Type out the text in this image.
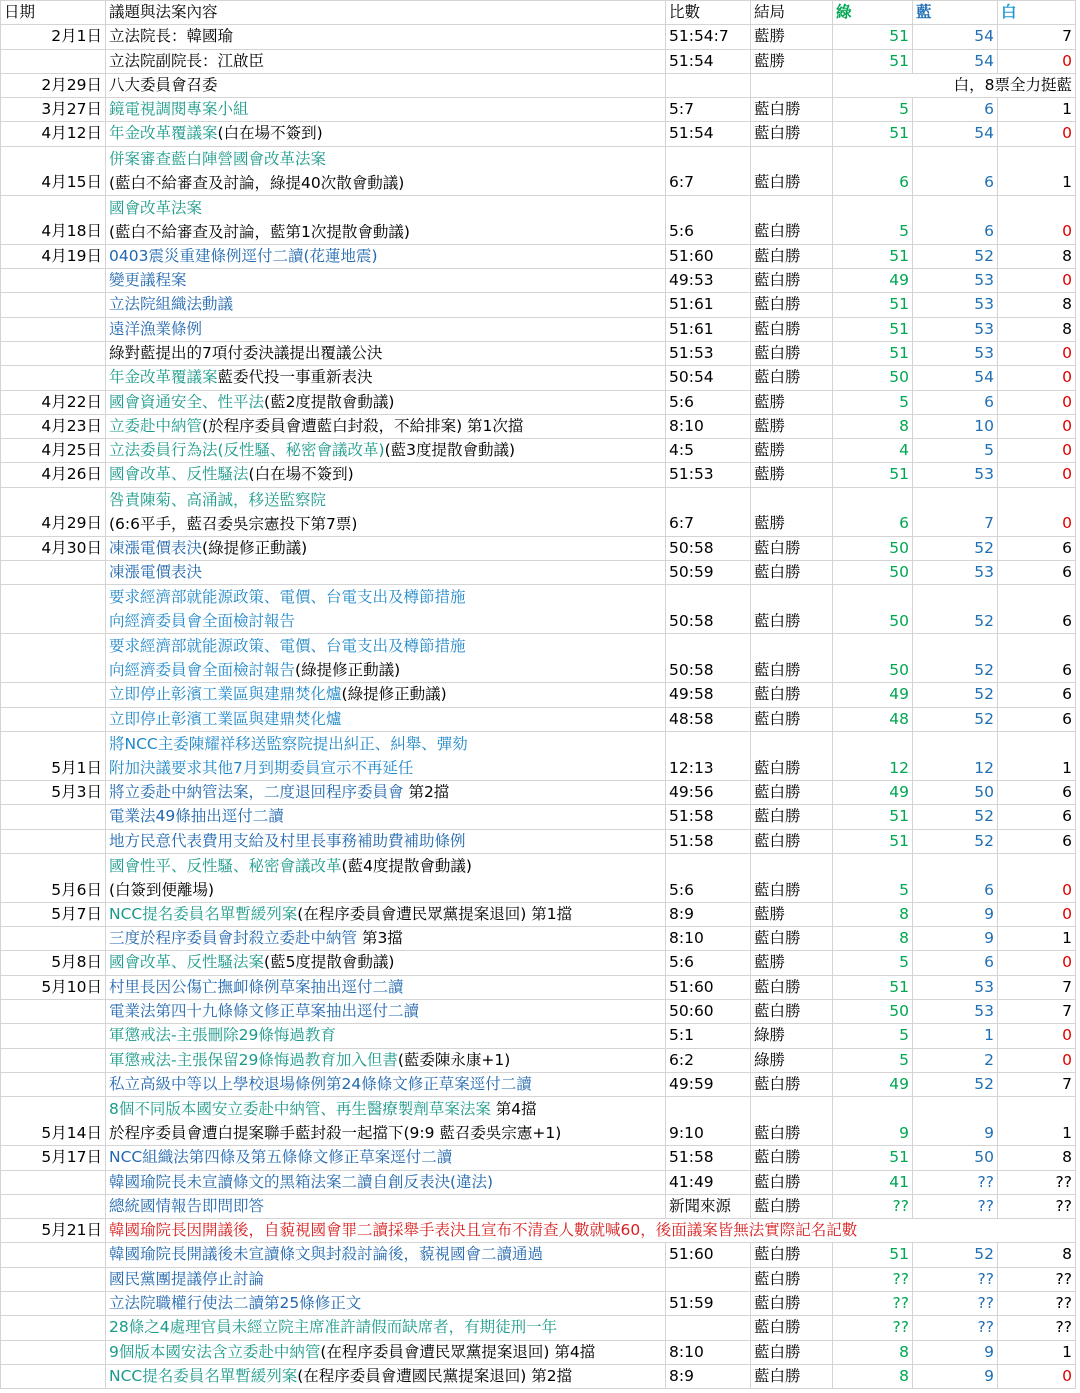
日期	議題與法案內容	比數	結局	綠	藍	白
2月1日	立法院長：韓國瑜	51:54:7	藍勝	51	54	7
	立法院副院長：江啟臣	51:54	藍勝	51	54	0
2月29日	八大委員會召委			白，8票全力挺藍		
3月27日	鏡電視調閱專案小組	5:7	藍白勝	5	6	1
4月12日	年金改革覆議案(白在場不簽到)	51:54	藍白勝	51	54	0
4月15日	併案審查藍白陣營國會改革法案
(藍白不給審查及討論，綠提40次散會動議)	6:7	藍白勝	6	6	1
4月18日	國會改革法案
(藍白不給審查及討論，藍第1次提散會動議)	5:6	藍白勝	5	6	0
4月19日	0403震災重建條例逕付二讀(花蓮地震)	51:60	藍白勝	51	52	8
	變更議程案	49:53	藍白勝	49	53	0
	立法院組織法動議	51:61	藍白勝	51	53	8
	遠洋漁業條例	51:61	藍白勝	51	53	8
	綠對藍提出的7項付委決議提出覆議公決	51:53	藍白勝	51	53	0
	年金改革覆議案藍委代投一事重新表決	50:54	藍白勝	50	54	0
4月22日	國會資通安全、性平法(藍2度提散會動議)	5:6	藍勝	5	6	0
4月23日	立委赴中納管(於程序委員會遭藍白封殺，不給排案) 第1次擋	8:10	藍勝	8	10	0
4月25日	立法委員行為法(反性騷、秘密會議改革)(藍3度提散會動議)	4:5	藍勝	4	5	0
4月26日	國會改革、反性騷法(白在場不簽到)	51:53	藍勝	51	53	0
4月29日	咎責陳菊、高涌誠，移送監察院
(6:6平手，藍召委吳宗憲投下第7票)	6:7	藍勝	6	7	0
4月30日	凍漲電價表決(綠提修正動議)	50:58	藍白勝	50	52	6
	凍漲電價表決	50:59	藍白勝	50	53	6

	要求經濟部就能源政策、電價、台電支出及樽節措施
向經濟委員會全面檢討報告	50:58	藍白勝	50	52	6

	要求經濟部就能源政策、電價、台電支出及樽節措施
向經濟委員會全面檢討報告(綠提修正動議)	50:58	藍白勝	50	52	6
	立即停止彰濱工業區與建鼎焚化爐(綠提修正動議)	49:58	藍白勝	49	52	6
	立即停止彰濱工業區與建鼎焚化爐	48:58	藍白勝	48	52	6
5月1日	將NCC主委陳耀祥移送監察院提出糾正、糾舉、彈劾
附加決議要求其他7月到期委員宣示不再延任	12:13	藍白勝	12	12	1
5月3日	將立委赴中納管法案，二度退回程序委員會 第2擋	49:56	藍白勝	49	50	6
	電業法49條抽出逕付二讀	51:58	藍白勝	51	52	6
	地方民意代表費用支給及村里長事務補助費補助條例	51:58	藍白勝	51	52	6
5月6日	國會性平、反性騷、秘密會議改革(藍4度提散會動議)
(白簽到便離場)	5:6	藍白勝	5	6	0
5月7日	NCC提名委員名單暫緩列案(在程序委員會遭民眾黨提案退回) 第1擋	8:9	藍勝	8	9	0
	三度於程序委員會封殺立委赴中納管 第3擋	8:10	藍白勝	8	9	1
5月8日	國會改革、反性騷法案(藍5度提散會動議)	5:6	藍勝	5	6	0
5月10日	村里長因公傷亡撫卹條例草案抽出逕付二讀	51:60	藍白勝	51	53	7
	電業法第四十九條條文修正草案抽出逕付二讀	50:60	藍白勝	50	53	7
	軍懲戒法-主張刪除29條悔過教育	5:1	綠勝	5	1	0
	軍懲戒法-主張保留29條悔過教育加入但書(藍委陳永康+1)	6:2	綠勝	5	2	0
	私立高級中等以上學校退場條例第24條條文修正草案逕付二讀	49:59	藍白勝	49	52	7
5月14日	8個不同版本國安立委赴中納管、再生醫療製劑草案法案 第4擋
於程序委員會遭白提案聯手藍封殺一起擋下(9:9 藍召委吳宗憲+1)	9:10	藍白勝	9	9	1
5月17日	NCC組織法第四條及第五條條文修正草案逕付二讀	51:58	藍白勝	51	50	8
	韓國瑜院長未宣讀條文的黑箱法案二讀自創反表決(違法)	41:49	藍白勝	41	??	??
	總統國情報告即問即答	新聞來源	藍白勝	??	??	??
5月21日	韓國瑜院長因開議後，自藐視國會罪二讀採舉手表決且宣布不清查人數就喊60，後面議案皆無法實際記名記數					
	韓國瑜院長開議後未宣讀條文與封殺討論後，藐視國會二讀通過	51:60	藍白勝	51	52	8
	國民黨團提議停止討論		藍白勝	??	??	??
	立法院職權行使法二讀第25條修正文	51:59	藍白勝	??	??	??
	28條之4處理官員未經立院主席准許請假而缺席者，有期徒刑一年		藍白勝	??	??	??
	9個版本國安法含立委赴中納管(在程序委員會遭民眾黨提案退回) 第4擋	8:10	藍白勝	8	9	1
	NCC提名委員名單暫緩列案(在程序委員會遭國民黨提案退回) 第2擋	8:9	藍白勝	8	9	0
